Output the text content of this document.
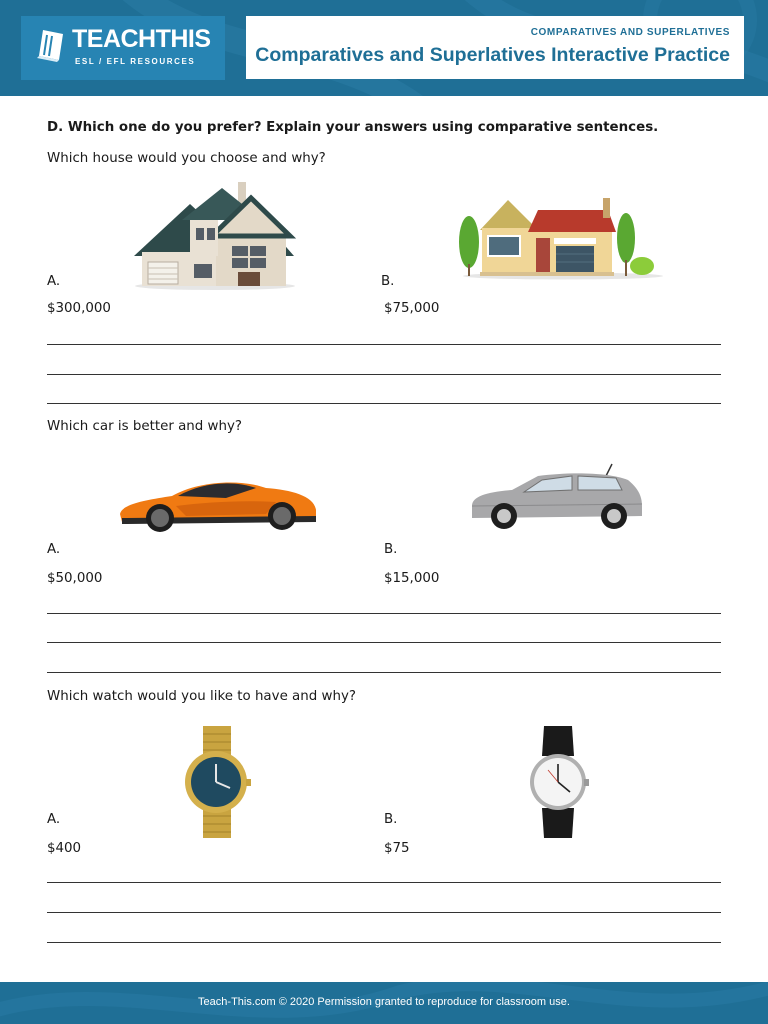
TEACHTHIS
ESL / EFL RESOURCES
COMPARATIVES AND SUPERLATIVES
Comparatives and Superlatives Interactive Practice
D. Which one do you prefer? Explain your answers using comparative sentences.
Which house would you choose and why?
A.	B.
$300,000	$75,000
Which car is better and why?
A.	B.
$50,000	$15,000
Which watch would you like to have and why?
A.	B.
$400	$75
Teach-This.com © 2020 Permission granted to reproduce for classroom use.
